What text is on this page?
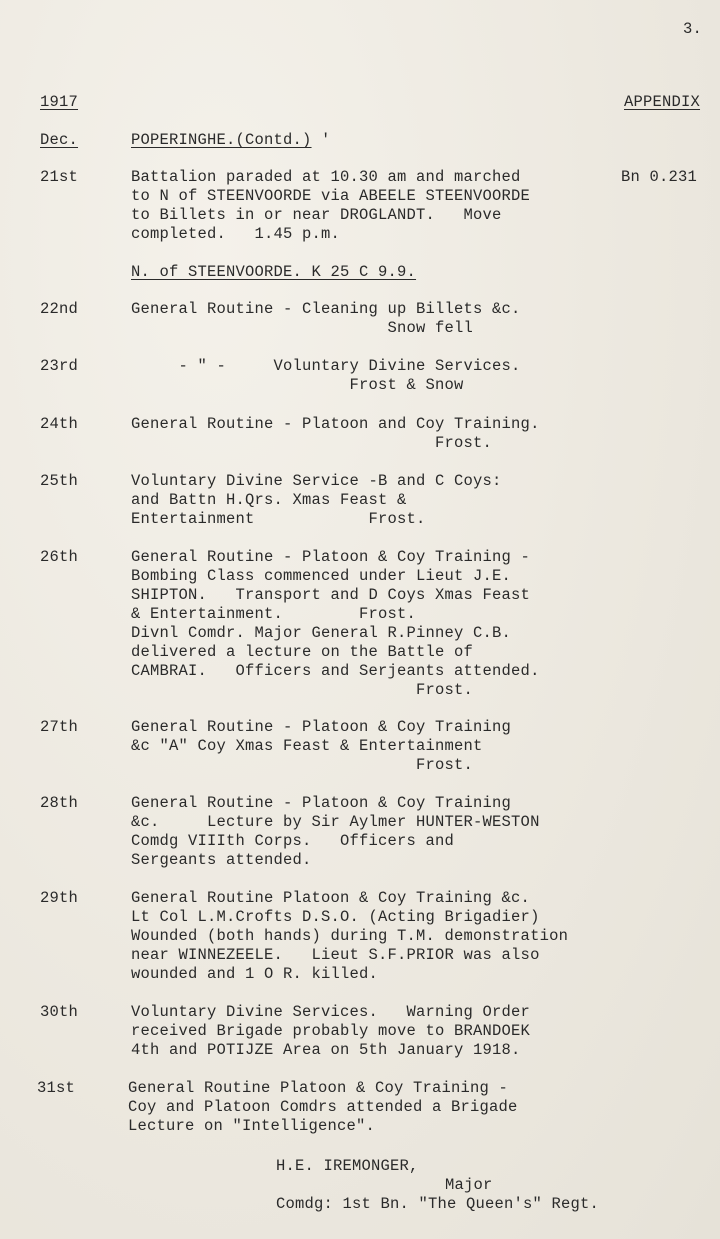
3.
1917	APPENDIX
Dec.	POPERINGHE.(Contd.) '
21st	Battalion paraded at 10.30 am and marched
to N of STEENVOORDE via ABEELE STEENVOORDE
to Billets in or near DROGLANDT.   Move
completed.   1.45 p.m.
Bn 0.231
N. of STEENVOORDE. K 25 C 9.9.
22nd	General Routine - Cleaning up Billets &c.
Snow fell
23rd	- " -     Voluntary Divine Services.
Frost & Snow
24th	General Routine - Platoon and Coy Training.
Frost.
25th	Voluntary Divine Service -B and C Coys:
and Battn H.Qrs. Xmas Feast &
Entertainment            Frost.
26th	General Routine - Platoon & Coy Training -
Bombing Class commenced under Lieut J.E.
SHIPTON.   Transport and D Coys Xmas Feast
& Entertainment.        Frost.
Divnl Comdr. Major General R.Pinney C.B.
delivered a lecture on the Battle of
CAMBRAI.   Officers and Serjeants attended.
Frost.
27th	General Routine - Platoon & Coy Training
&c "A" Coy Xmas Feast & Entertainment
Frost.
28th	General Routine - Platoon & Coy Training
&c.     Lecture by Sir Aylmer HUNTER-WESTON
Comdg VIIIth Corps.   Officers and
Sergeants attended.
29th	General Routine Platoon & Coy Training &c.
Lt Col L.M.Crofts D.S.O. (Acting Brigadier)
Wounded (both hands) during T.M. demonstration
near WINNEZEELE.   Lieut S.F.PRIOR was also
wounded and 1 O R. killed.
30th	Voluntary Divine Services.   Warning Order
received Brigade probably move to BRANDOEK
4th and POTIJZE Area on 5th January 1918.
31st	General Routine Platoon & Coy Training -
Coy and Platoon Comdrs attended a Brigade
Lecture on "Intelligence".
H.E. IREMONGER,
Major
Comdg: 1st Bn. "The Queen's" Regt.
